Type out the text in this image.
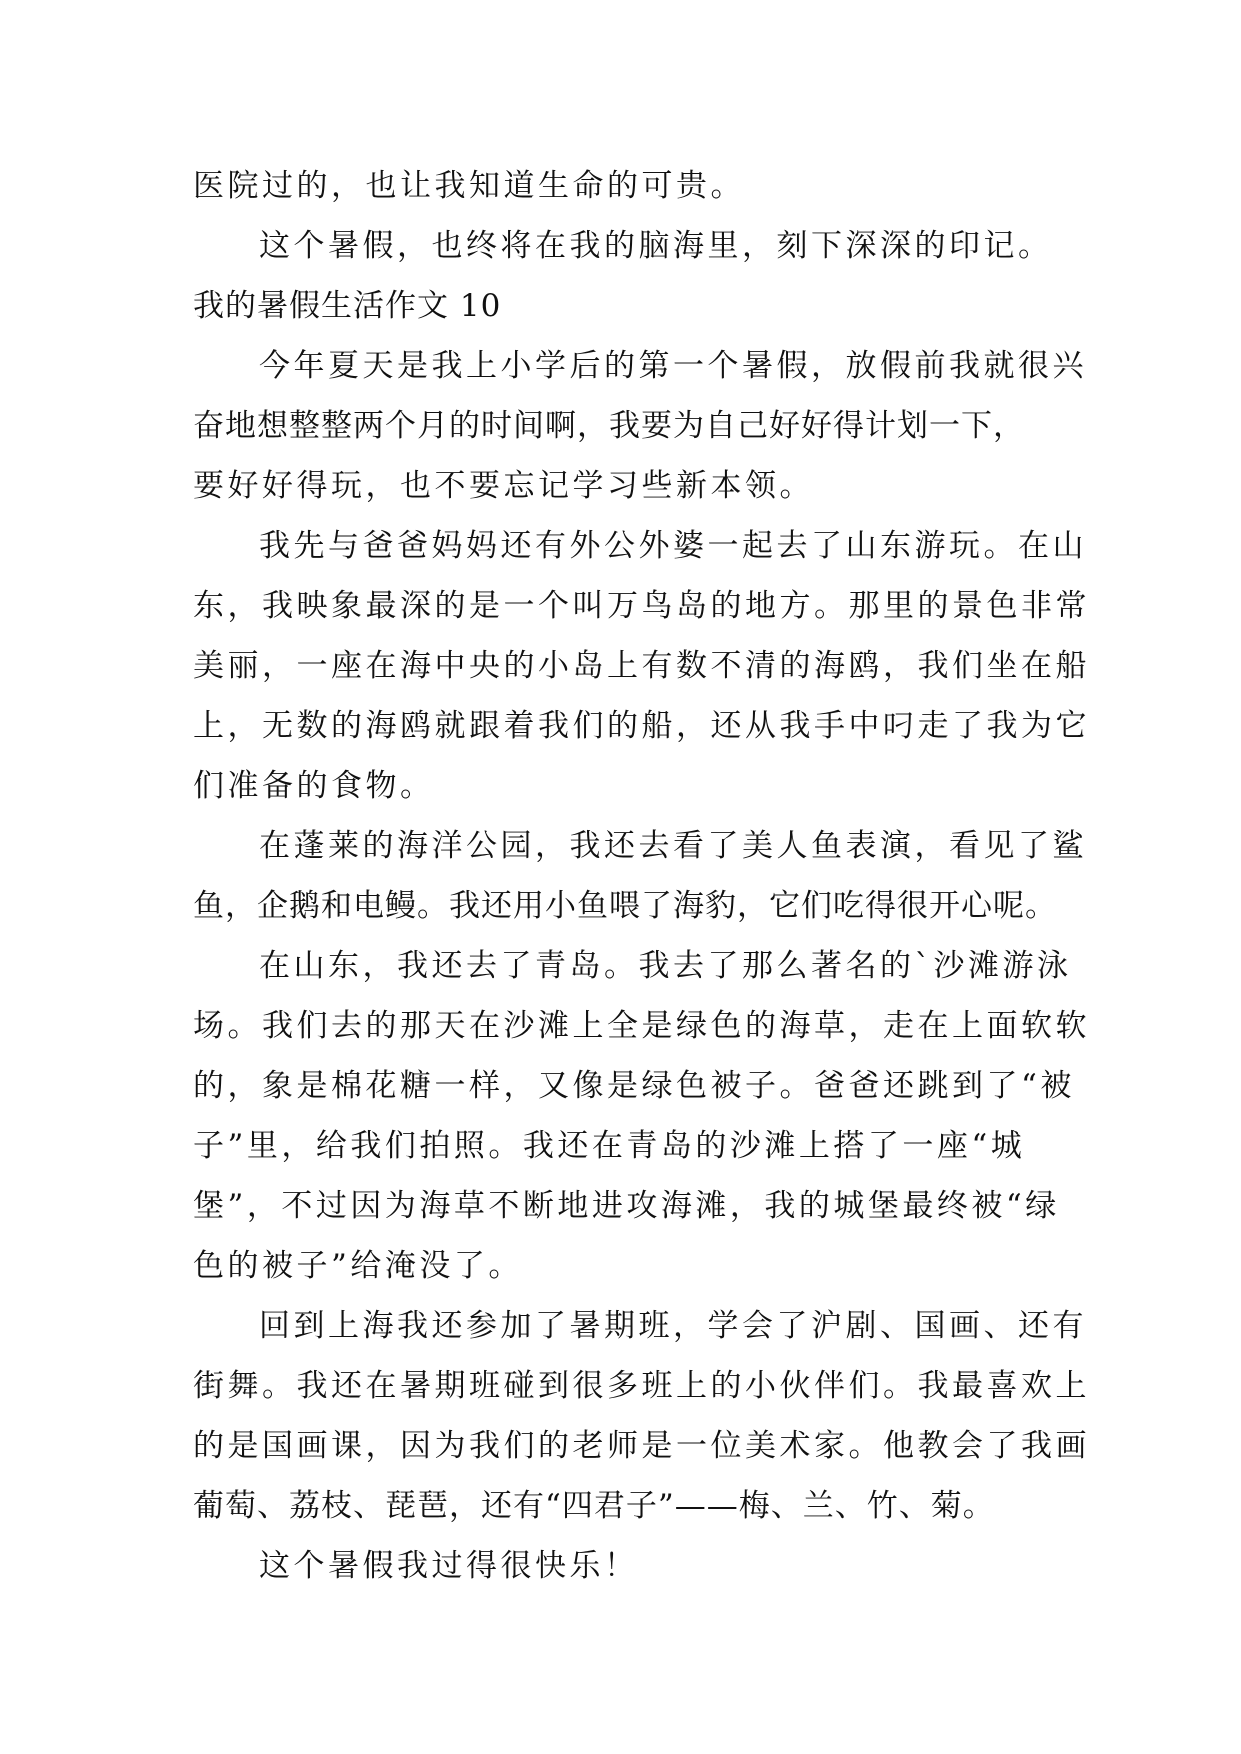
医院过的，也让我知道生命的可贵。

这个暑假，也终将在我的脑海里，刻下深深的印记。

我的暑假生活作文 10

今年夏天是我上小学后的第一个暑假，放假前我就很兴

奋地想整整两个月的时间啊，我要为自己好好得计划一下，

要好好得玩，也不要忘记学习些新本领。

我先与爸爸妈妈还有外公外婆一起去了山东游玩。在山

东，我映象最深的是一个叫万鸟岛的地方。那里的景色非常

美丽，一座在海中央的小岛上有数不清的海鸥，我们坐在船

上，无数的海鸥就跟着我们的船，还从我手中叼走了我为它

们准备的食物。

在蓬莱的海洋公园，我还去看了美人鱼表演，看见了鲨

鱼，企鹅和电鳗。我还用小鱼喂了海豹，它们吃得很开心呢。

在山东，我还去了青岛。我去了那么著名的`沙滩游泳

场。我们去的那天在沙滩上全是绿色的海草，走在上面软软

的，象是棉花糖一样，又像是绿色被子。爸爸还跳到了“被

子”里，给我们拍照。我还在青岛的沙滩上搭了一座“城

堡”，不过因为海草不断地进攻海滩，我的城堡最终被“绿

色的被子”给淹没了。

回到上海我还参加了暑期班，学会了沪剧、国画、还有

街舞。我还在暑期班碰到很多班上的小伙伴们。我最喜欢上

的是国画课，因为我们的老师是一位美术家。他教会了我画

葡萄、荔枝、琵琶，还有“四君子”——梅、兰、竹、菊。

这个暑假我过得很快乐！
